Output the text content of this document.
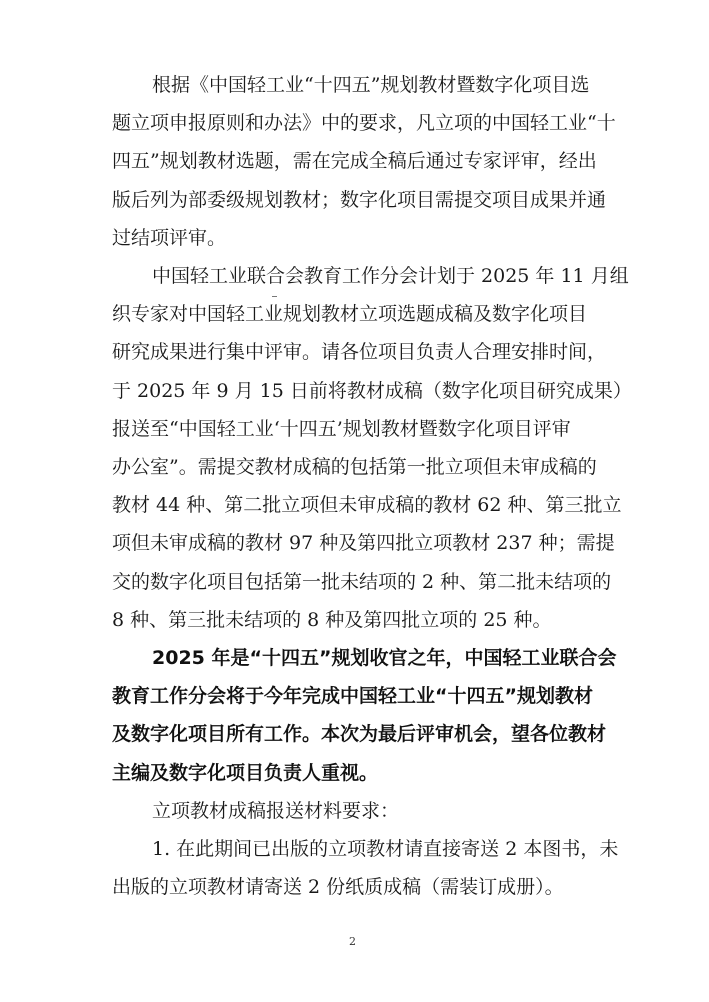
根据《中国轻工业“十四五”规划教材暨数字化项目选
题立项申报原则和办法》中的要求，凡立项的中国轻工业“十
四五”规划教材选题，需在完成全稿后通过专家评审，经出
版后列为部委级规划教材；数字化项目需提交项目成果并通
过结项评审。
中国轻工业联合会教育工作分会计划于 2025 年 11 月组
织专家对中国轻工业规划教材立项选题成稿及数字化项目
研究成果进行集中评审。请各位项目负责人合理安排时间，
于 2025 年 9 月 15 日前将教材成稿（数字化项目研究成果）
报送至“中国轻工业‘十四五’规划教材暨数字化项目评审
办公室”。需提交教材成稿的包括第一批立项但未审成稿的
教材 44 种、第二批立项但未审成稿的教材 62 种、第三批立
项但未审成稿的教材 97 种及第四批立项教材 237 种；需提
交的数字化项目包括第一批未结项的 2 种、第二批未结项的
8 种、第三批未结项的 8 种及第四批立项的 25 种。
2025 年是“十四五”规划收官之年，中国轻工业联合会
教育工作分会将于今年完成中国轻工业“十四五”规划教材
及数字化项目所有工作。本次为最后评审机会，望各位教材
主编及数字化项目负责人重视。
立项教材成稿报送材料要求：
1. 在此期间已出版的立项教材请直接寄送 2 本图书，未
出版的立项教材请寄送 2 份纸质成稿（需装订成册）。
2
